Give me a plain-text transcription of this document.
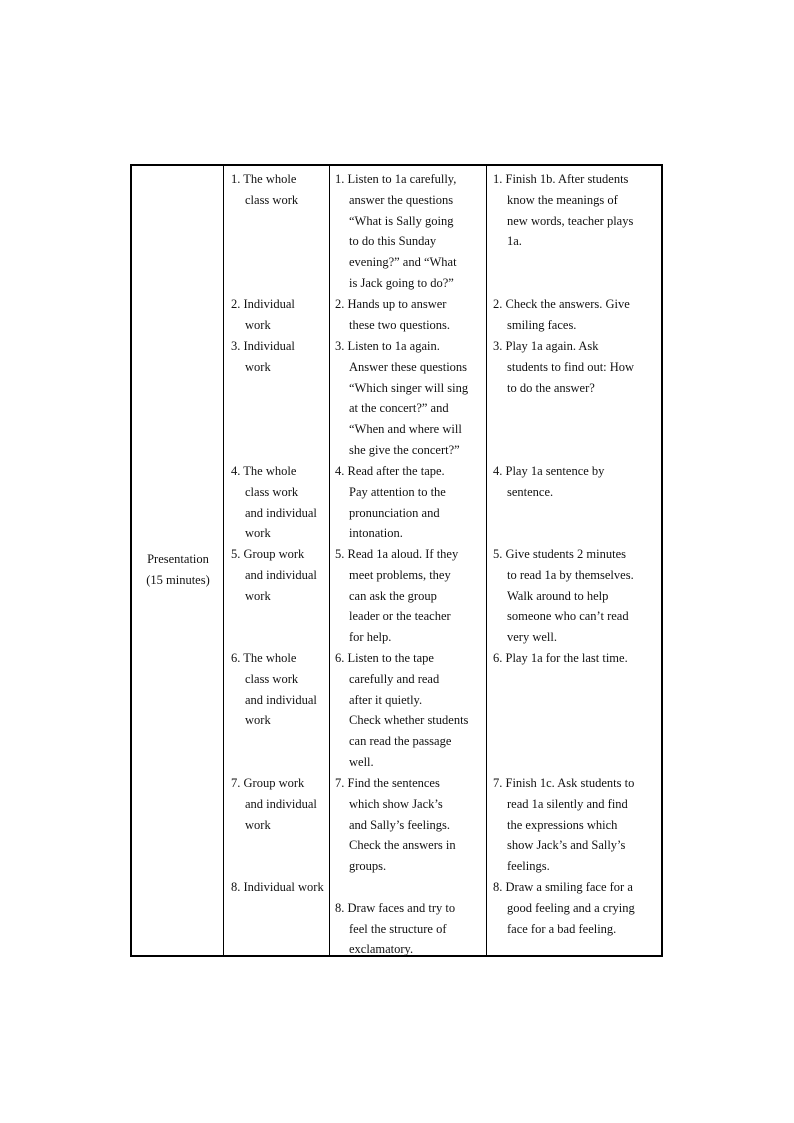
Presentation
(15 minutes)
1. The whole
class work
1. Listen to 1a carefully,
answer the questions
“What is Sally going
to do this Sunday
evening?” and “What
is Jack going to do?”
1. Finish 1b. After students
know the meanings of
new words, teacher plays
1a.
2. Individual
work
2. Hands up to answer
these two questions.
2. Check the answers. Give
smiling faces.
3. Individual
work
3. Listen to 1a again.
Answer these questions
“Which singer will sing
at the concert?” and
“When and where will
she give the concert?”
3. Play 1a again. Ask
students to find out: How
to do the answer?
4. The whole
class work
and individual
work
4. Read after the tape.
Pay attention to the
pronunciation and
intonation.
4. Play 1a sentence by
sentence.
5. Group work
and individual
work
5. Read 1a aloud. If they
meet problems, they
can ask the group
leader or the teacher
for help.
5. Give students 2 minutes
to read 1a by themselves.
Walk around to help
someone who can’t read
very well.
6. The whole
class work
and individual
work
6. Listen to the tape
carefully and read
after it quietly.
Check whether students
can read the passage
well.
6. Play 1a for the last time.
7. Group work
and individual
work
7. Find the sentences
which show Jack’s
and Sally’s feelings.
Check the answers in
groups.
7. Finish 1c. Ask students to
read 1a silently and find
the expressions which
show Jack’s and Sally’s
feelings.
8. Individual work

8. Draw faces and try to
feel the structure of
exclamatory.
8. Draw a smiling face for a
good feeling and a crying
face for a bad feeling.
